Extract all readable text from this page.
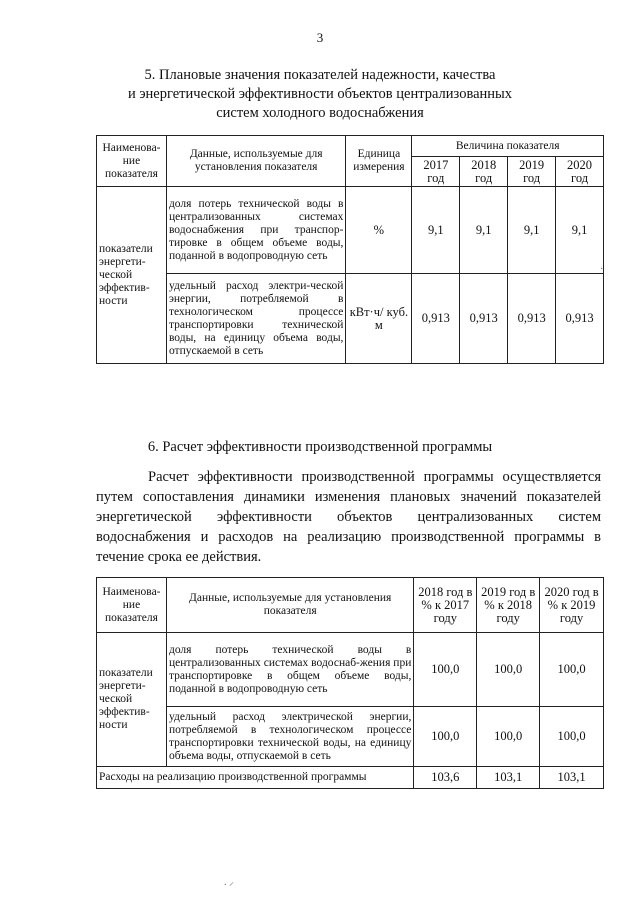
3
5. Плановые значения показателей надежности, качества
и энергетической эффективности объектов централизованных
систем холодного водоснабжения
Наименова-ние показателя	Данные, используемые для установления показателя	Единица измерения	Величина показателя			
			2017 год	2018 год	2019 год	2020 год
показатели энергети-ческой эффектив-ности	доля потерь технической воды в централизованных системах водоснабжения при транспор-тировке в общем объеме воды, поданной в водопроводную сеть	%	9,1	9,1	9,1	9,1
	удельный расход электри-ческой энергии, потребляемой в технологическом процессе транспортировки технической воды, на единицу объема воды, отпускаемой в сеть	кВт·ч/ куб. м	0,913	0,913	0,913	0,913
6. Расчет эффективности производственной программы
Расчет эффективности производственной программы осуществляется путем сопоставления динамики изменения плановых значений показателей энергетической эффективности объектов централизованных систем водоснабжения и расходов на реализацию производственной программы в течение срока ее действия.
Наименова-ние показателя	Данные, используемые для установления показателя	2018 год в % к 2017 году	2019 год в % к 2018 году	2020 год в % к 2019 году
показатели энергети-ческой эффектив-ности	доля потерь технической воды в централизованных системах водоснаб-жения при транспортировке в общем объеме воды, поданной в водопроводную сеть	100,0	100,0	100,0
	удельный расход электрической энергии, потребляемой в технологическом процессе транспортировки технической воды, на единицу объема воды, отпускаемой в сеть	100,0	100,0	100,0
Расходы на реализацию производственной программы		103,6	103,1	103,1
·
. ⸝
